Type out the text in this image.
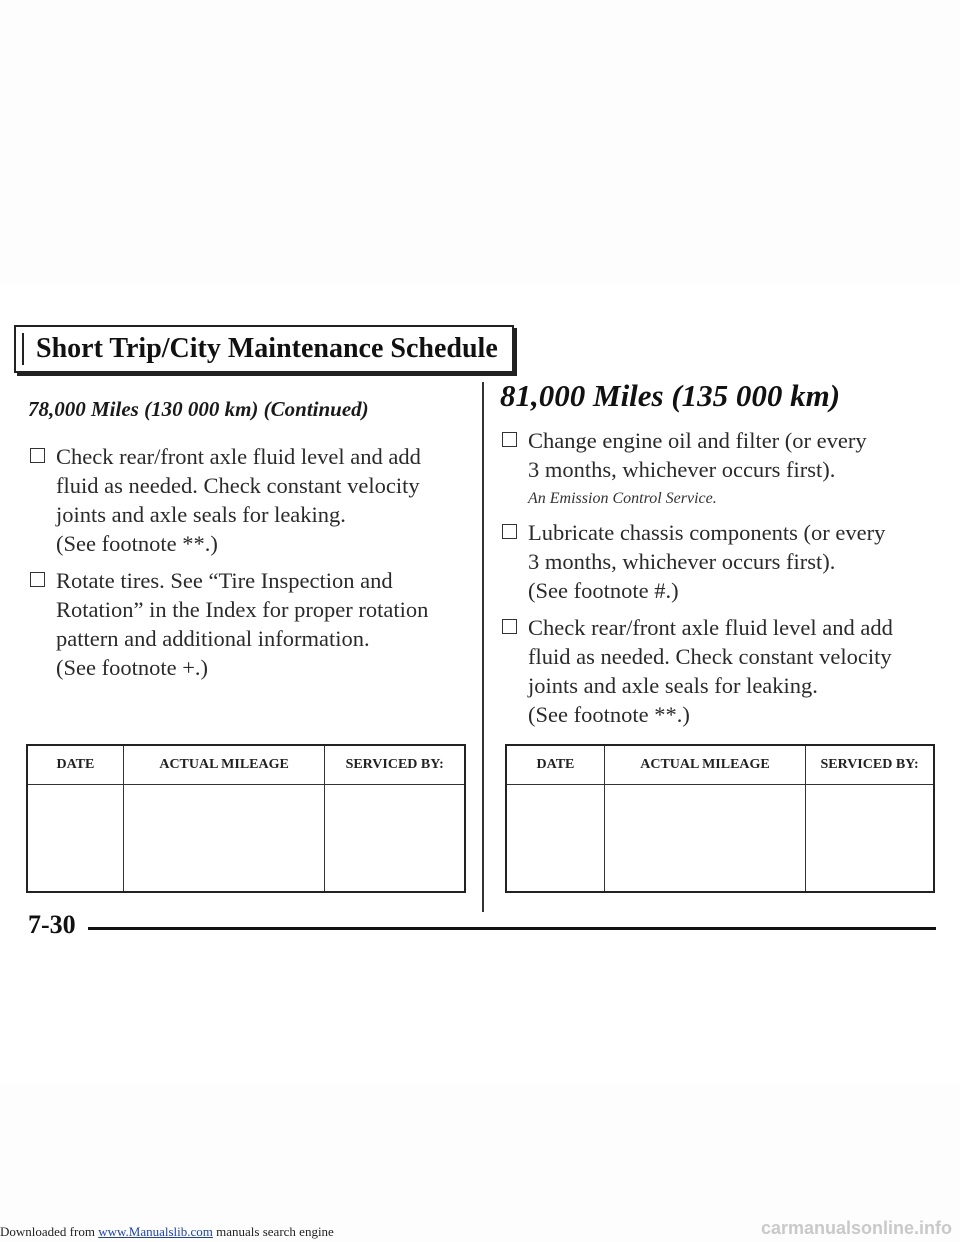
Short Trip/City Maintenance Schedule
78,000 Miles (130 000 km) (Continued)
Check rear/front axle fluid level and add
fluid as needed. Check constant velocity
joints and axle seals for leaking.
(See footnote **.)
Rotate tires. See “Tire Inspection and
Rotation” in the Index for proper rotation
pattern and additional information.
(See footnote +.)
DATE	ACTUAL MILEAGE	SERVICED BY:

81,000 Miles (135 000 km)
Change engine oil and filter (or every
3 months, whichever occurs first).
An Emission Control Service.
Lubricate chassis components (or every
3 months, whichever occurs first).
(See footnote #.)
Check rear/front axle fluid level and add
fluid as needed. Check constant velocity
joints and axle seals for leaking.
(See footnote **.)
DATE	ACTUAL MILEAGE	SERVICED BY:

7-30
Downloaded from www.Manualslib.com manuals search engine	carmanualsonline.info
